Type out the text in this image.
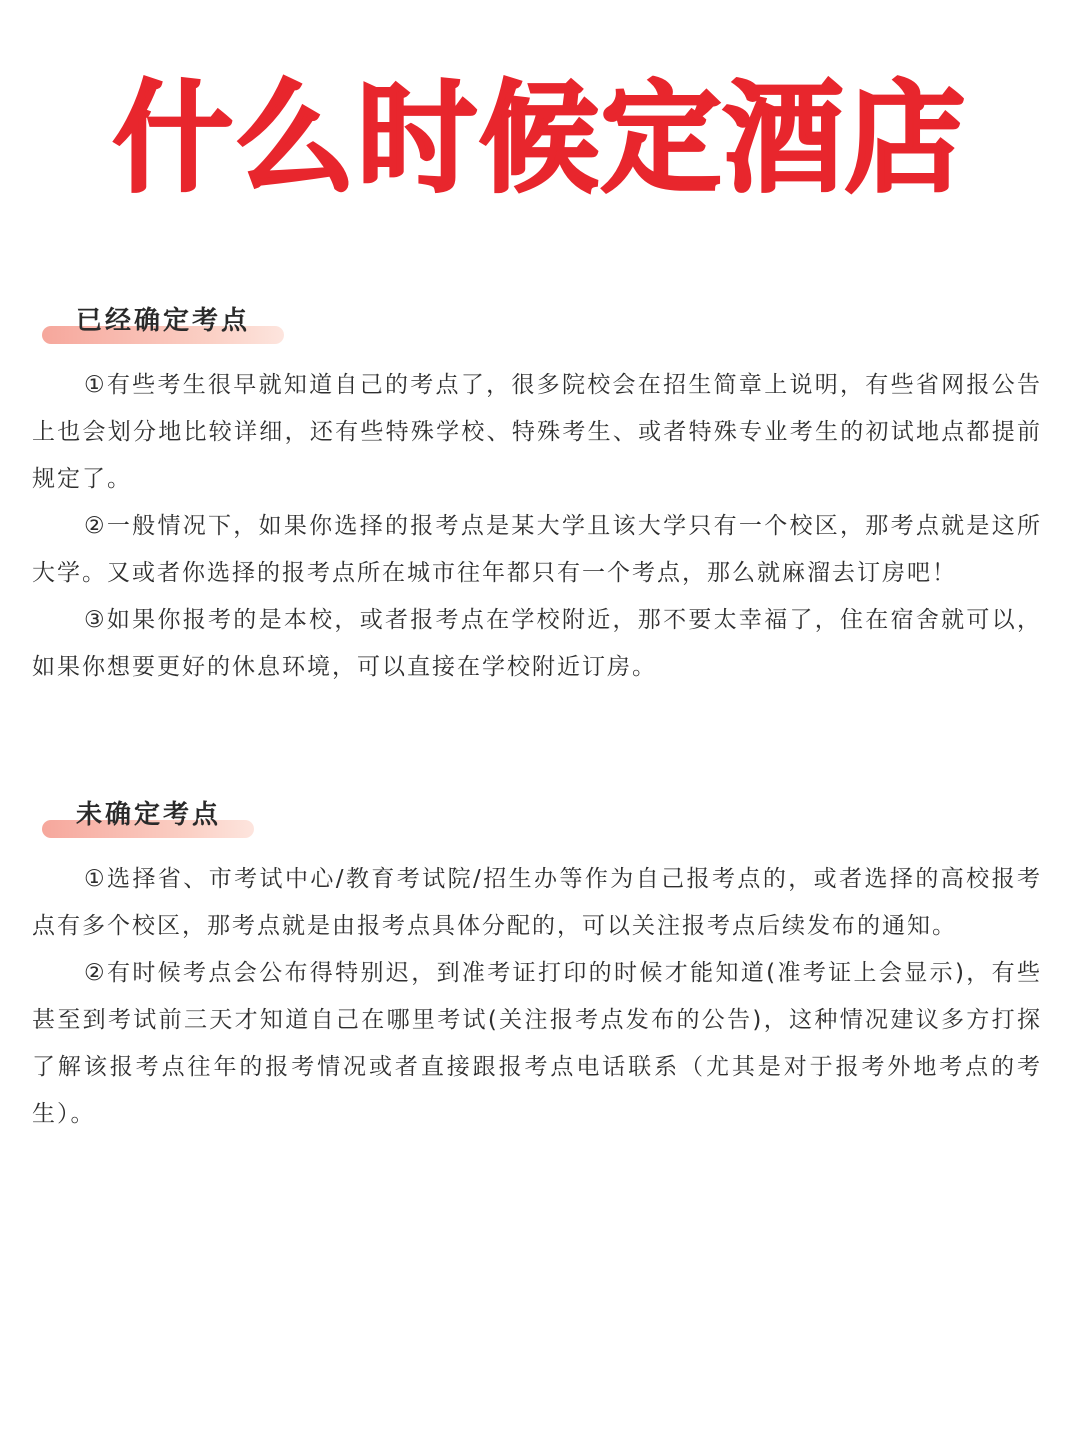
什么时候定酒店
已经确定考点

①有些考生很早就知道自己的考点了，很多院校会在招生简章上说明，有些省网报公告上也会划分地比较详细，还有些特殊学校、特殊考生、或者特殊专业考生的初试地点都提前规定了。

②一般情况下，如果你选择的报考点是某大学且该大学只有一个校区，那考点就是这所大学。又或者你选择的报考点所在城市往年都只有一个考点，那么就麻溜去订房吧！

③如果你报考的是本校，或者报考点在学校附近，那不要太幸福了，住在宿舍就可以，如果你想要更好的休息环境，可以直接在学校附近订房。

未确定考点

①选择省、市考试中心/教育考试院/招生办等作为自己报考点的，或者选择的高校报考点有多个校区，那考点就是由报考点具体分配的，可以关注报考点后续发布的通知。

②有时候考点会公布得特别迟，到准考证打印的时候才能知道(准考证上会显示)，有些甚至到考试前三天才知道自己在哪里考试(关注报考点发布的公告)，这种情况建议多方打探了解该报考点往年的报考情况或者直接跟报考点电话联系（尤其是对于报考外地考点的考生）。
